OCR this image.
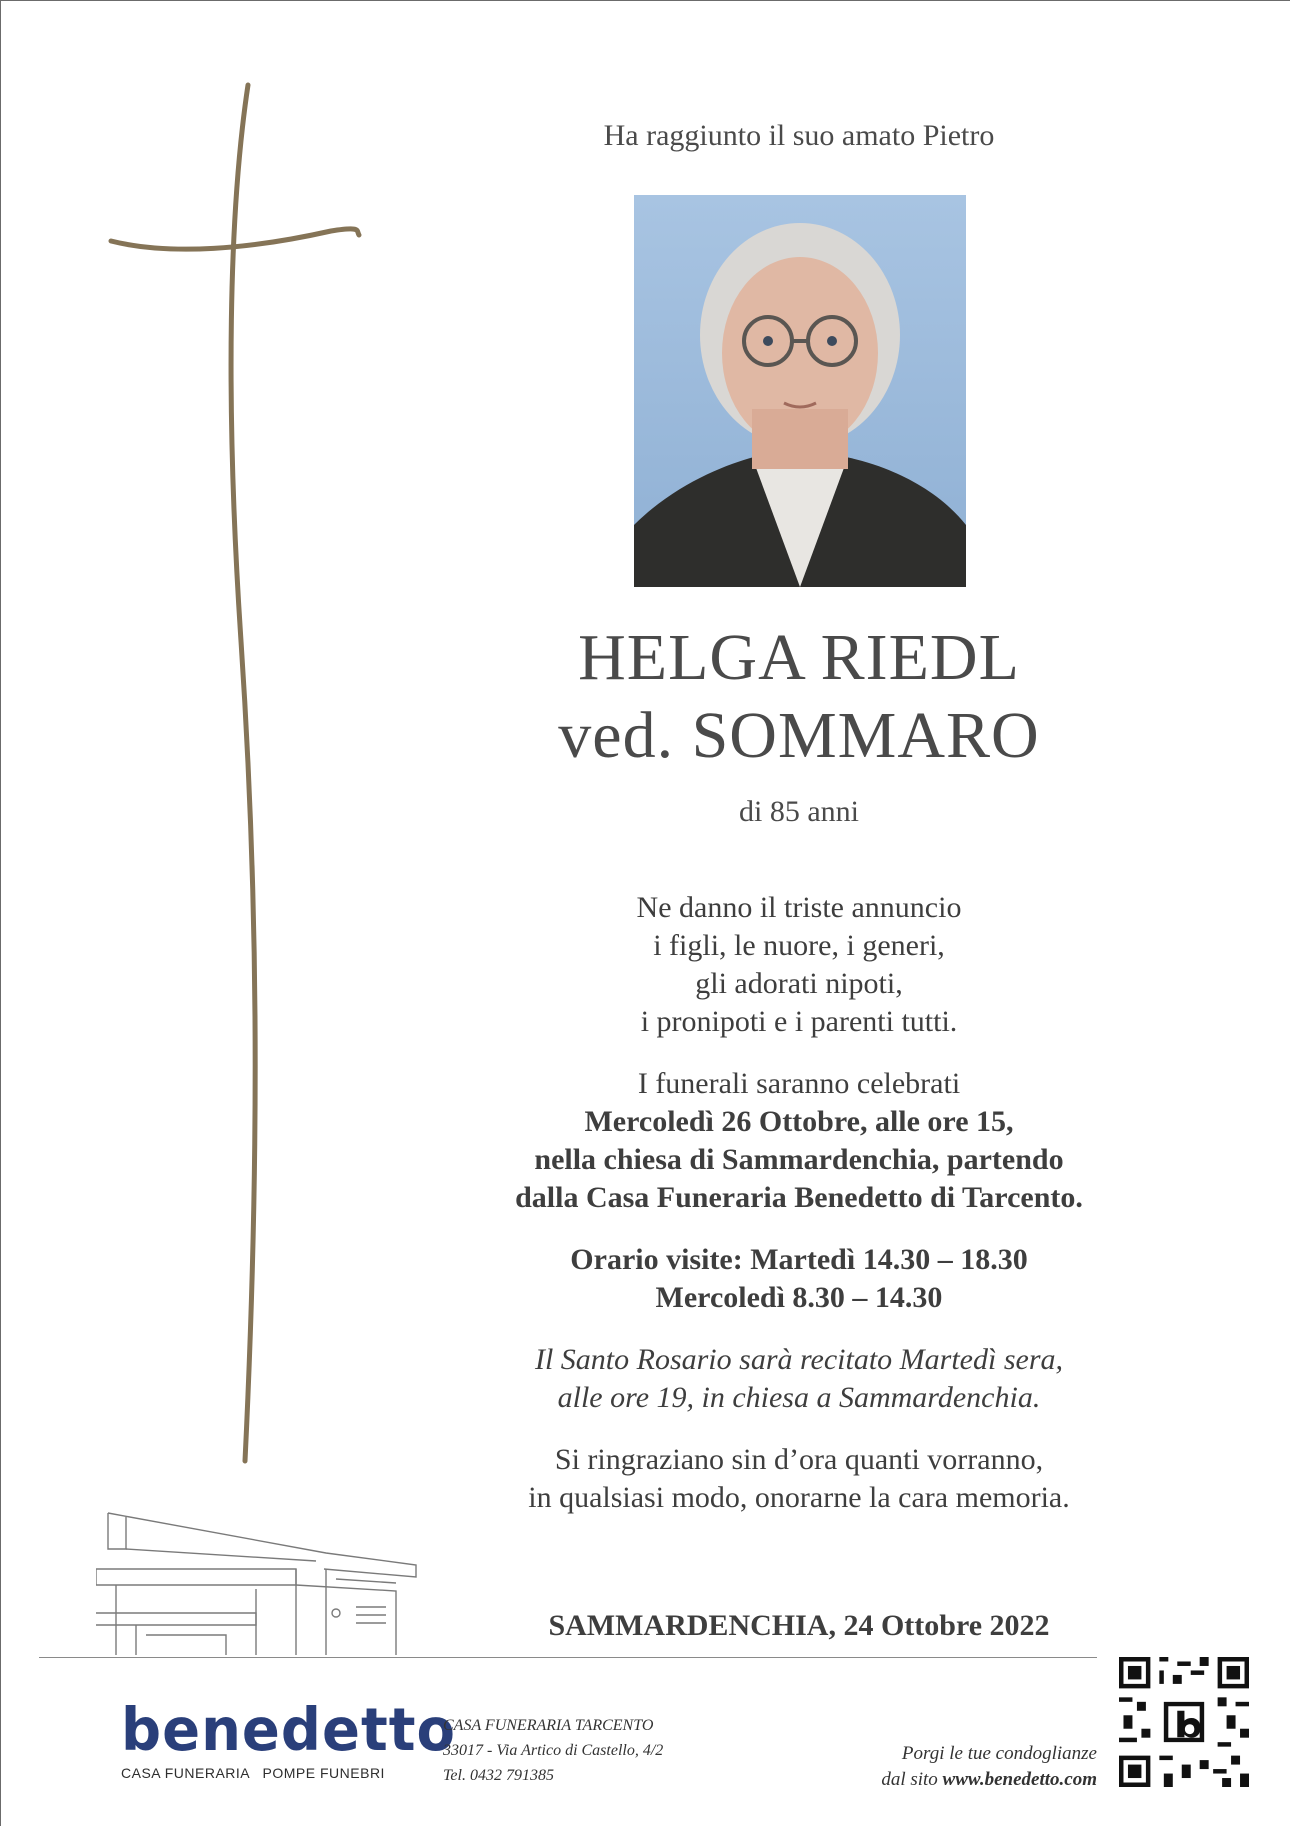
Ha raggiunto il suo amato Pietro
HELGA RIEDL
ved. SOMMARO
di 85 anni
Ne danno il triste annuncio
i figli, le nuore, i generi,
gli adorati nipoti,
i pronipoti e i parenti tutti.
I funerali saranno celebrati
Mercoledì 26 Ottobre, alle ore 15,
nella chiesa di Sammardenchia, partendo
dalla Casa Funeraria Benedetto di Tarcento.
Orario visite: Martedì 14.30 – 18.30
Mercoledì 8.30 – 14.30
Il Santo Rosario sarà recitato Martedì sera,
alle ore 19, in chiesa a Sammardenchia.
Si ringraziano sin d’ora quanti vorranno,
in qualsiasi modo, onorarne la cara memoria.
SAMMARDENCHIA, 24 Ottobre 2022
benedetto
CASA FUNERARIA   POMPE FUNEBRI
CASA FUNERARIA TARCENTO
33017 - Via Artico di Castello, 4/2
Tel. 0432 791385
Porgi le tue condoglianze
dal sito www.benedetto.com
